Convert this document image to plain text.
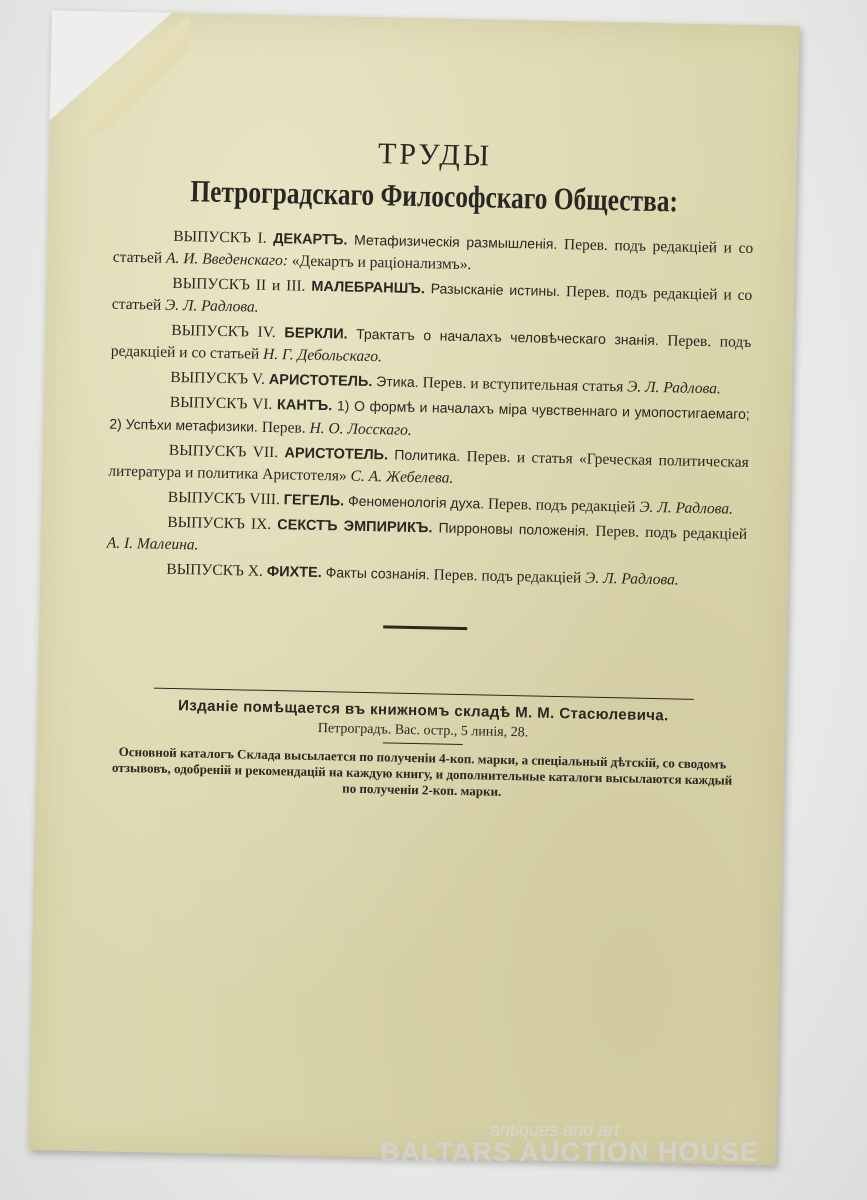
ТРУДЫ
Петроградскаго Философскаго Общества:

ВЫПУСКЪ I. ДЕКАРТЪ. Метафизическія размышленія. Перев. подъ редакціей и со статьей А. И. Введенскаго: «Декартъ и раціонализмъ».

ВЫПУСКЪ II и III. МАЛЕБРАНШЪ. Разысканіе истины. Перев. подъ редакціей и со статьей Э. Л. Радлова.

ВЫПУСКЪ IV. БЕРКЛИ. Трактатъ о началахъ человѣческаго знанія. Перев. подъ редакціей и со статьей Н. Г. Дебольскаго.

ВЫПУСКЪ V. АРИСТОТЕЛЬ. Этика. Перев. и вступительная статья Э. Л. Радлова.

ВЫПУСКЪ VI. КАНТЪ. 1) О формѣ и началахъ міра чувственнаго и умопостигаемаго; 2) Успѣхи метафизики. Перев. Н. О. Лосскаго.

ВЫПУСКЪ VII. АРИСТОТЕЛЬ. Политика. Перев. и статья «Греческая политическая литература и политика Аристотеля» С. А. Жебелева.

ВЫПУСКЪ VIII. ГЕГЕЛЬ. Феноменологія духа. Перев. подъ редакціей Э. Л. Радлова.

ВЫПУСКЪ IX. СЕКСТЪ ЭМПИРИКЪ. Пирроновы положенія. Перев. подъ редакціей А. I. Малеина.

ВЫПУСКЪ X. ФИХТЕ. Факты сознанія. Перев. подъ редакціей Э. Л. Радлова.

Изданіе помѣщается въ книжномъ складѣ М. М. Стасюлевича.
Петроградъ. Вас. остр., 5 линія, 28.
Основной каталогъ Склада высылается по полученіи 4-коп. марки, а спеціальный дѣтскій, со сводомъ отзывовъ, одобреній и рекомендацій на каждую книгу, и дополнительные каталоги высылаются каждый по полученіи 2-коп. марки.
antiques and art
BALTARS AUCTION HOUSE
